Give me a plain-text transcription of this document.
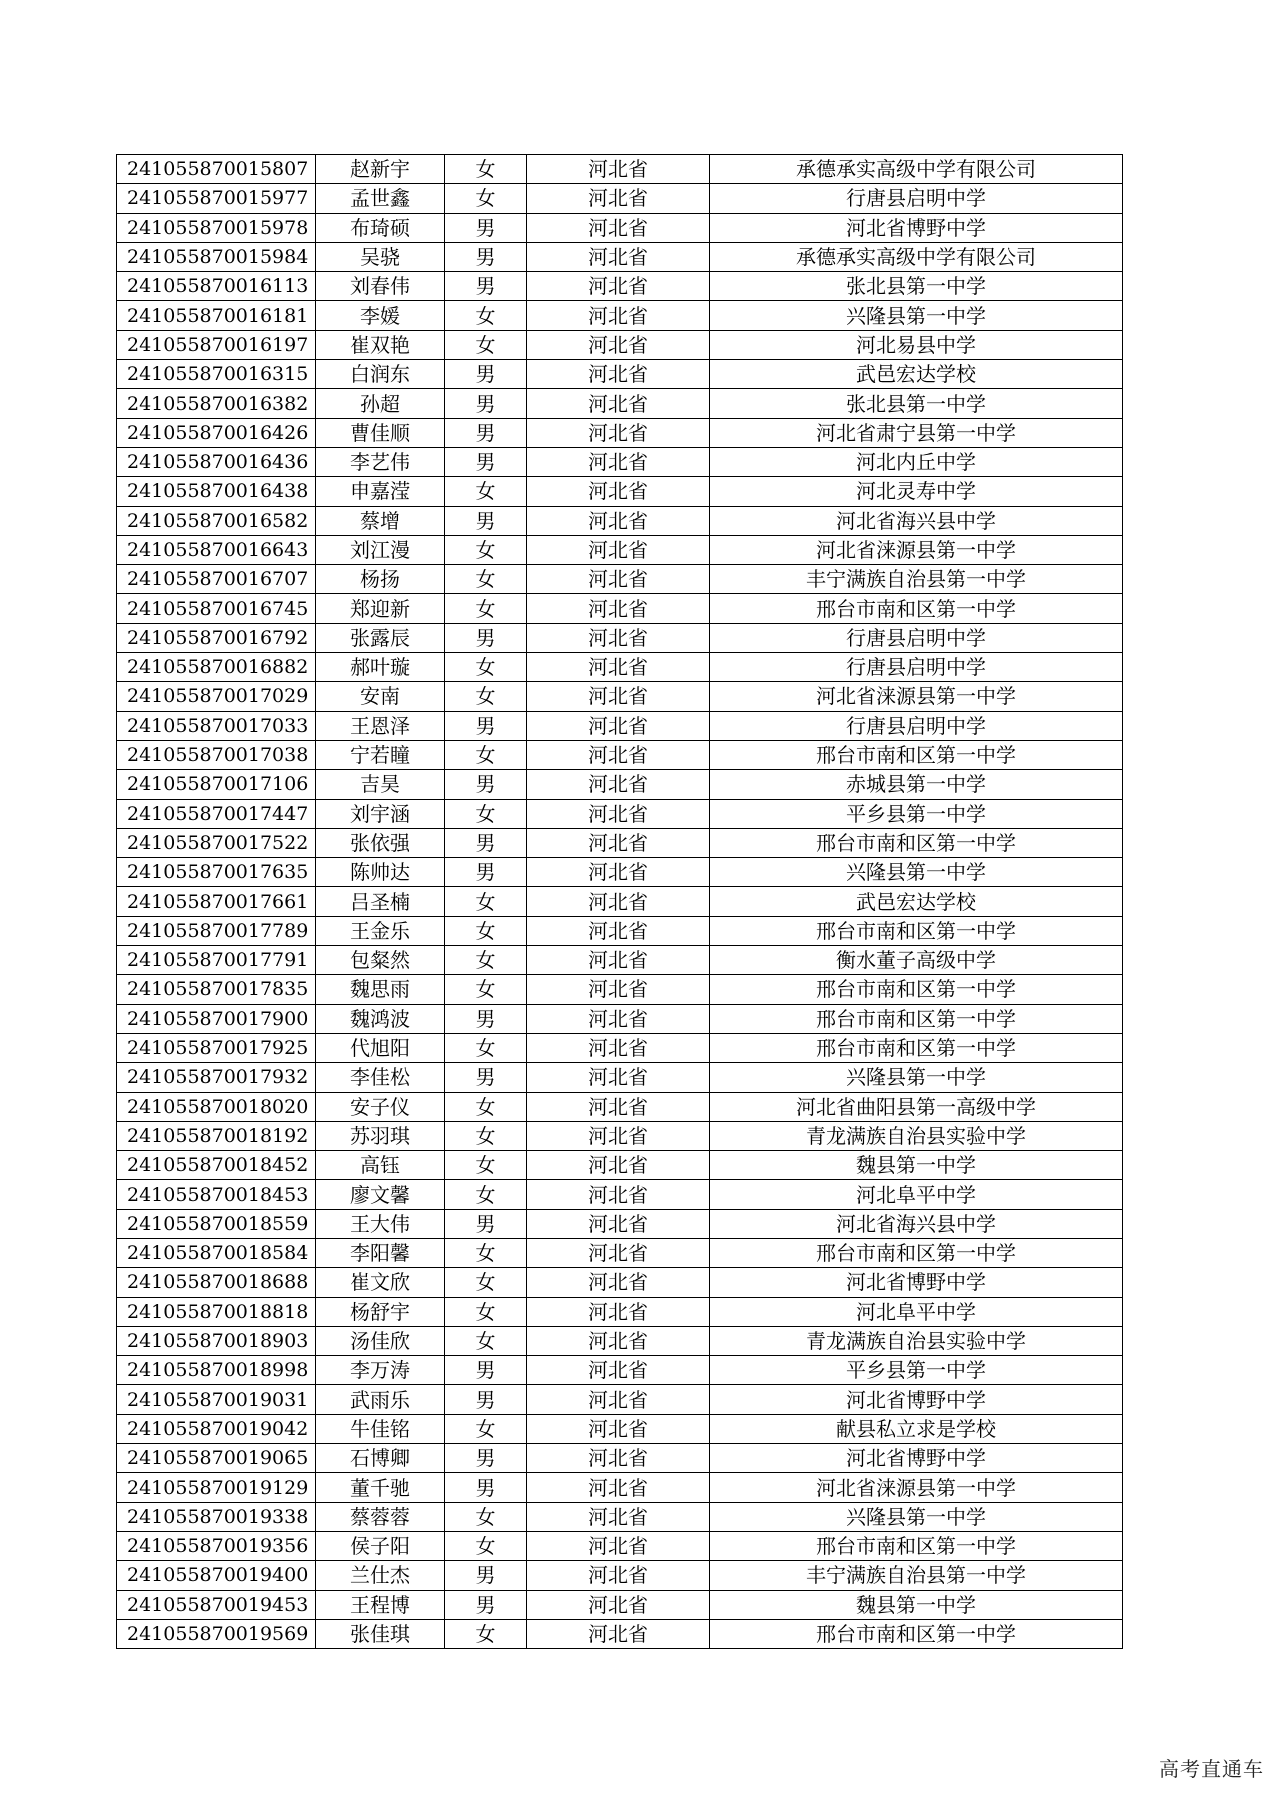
241055870015807	赵新宇	女	河北省	承德承实高级中学有限公司
241055870015977	孟世鑫	女	河北省	行唐县启明中学
241055870015978	布琦硕	男	河北省	河北省博野中学
241055870015984	吴骁	男	河北省	承德承实高级中学有限公司
241055870016113	刘春伟	男	河北省	张北县第一中学
241055870016181	李媛	女	河北省	兴隆县第一中学
241055870016197	崔双艳	女	河北省	河北易县中学
241055870016315	白润东	男	河北省	武邑宏达学校
241055870016382	孙超	男	河北省	张北县第一中学
241055870016426	曹佳顺	男	河北省	河北省肃宁县第一中学
241055870016436	李艺伟	男	河北省	河北内丘中学
241055870016438	申嘉滢	女	河北省	河北灵寿中学
241055870016582	蔡增	男	河北省	河北省海兴县中学
241055870016643	刘江漫	女	河北省	河北省涞源县第一中学
241055870016707	杨扬	女	河北省	丰宁满族自治县第一中学
241055870016745	郑迎新	女	河北省	邢台市南和区第一中学
241055870016792	张露辰	男	河北省	行唐县启明中学
241055870016882	郝叶璇	女	河北省	行唐县启明中学
241055870017029	安南	女	河北省	河北省涞源县第一中学
241055870017033	王恩泽	男	河北省	行唐县启明中学
241055870017038	宁若瞳	女	河北省	邢台市南和区第一中学
241055870017106	吉昊	男	河北省	赤城县第一中学
241055870017447	刘宇涵	女	河北省	平乡县第一中学
241055870017522	张依强	男	河北省	邢台市南和区第一中学
241055870017635	陈帅达	男	河北省	兴隆县第一中学
241055870017661	吕圣楠	女	河北省	武邑宏达学校
241055870017789	王金乐	女	河北省	邢台市南和区第一中学
241055870017791	包粲然	女	河北省	衡水董子高级中学
241055870017835	魏思雨	女	河北省	邢台市南和区第一中学
241055870017900	魏鸿波	男	河北省	邢台市南和区第一中学
241055870017925	代旭阳	女	河北省	邢台市南和区第一中学
241055870017932	李佳松	男	河北省	兴隆县第一中学
241055870018020	安子仪	女	河北省	河北省曲阳县第一高级中学
241055870018192	苏羽琪	女	河北省	青龙满族自治县实验中学
241055870018452	高钰	女	河北省	魏县第一中学
241055870018453	廖文馨	女	河北省	河北阜平中学
241055870018559	王大伟	男	河北省	河北省海兴县中学
241055870018584	李阳馨	女	河北省	邢台市南和区第一中学
241055870018688	崔文欣	女	河北省	河北省博野中学
241055870018818	杨舒宇	女	河北省	河北阜平中学
241055870018903	汤佳欣	女	河北省	青龙满族自治县实验中学
241055870018998	李万涛	男	河北省	平乡县第一中学
241055870019031	武雨乐	男	河北省	河北省博野中学
241055870019042	牛佳铭	女	河北省	献县私立求是学校
241055870019065	石博卿	男	河北省	河北省博野中学
241055870019129	董千驰	男	河北省	河北省涞源县第一中学
241055870019338	蔡蓉蓉	女	河北省	兴隆县第一中学
241055870019356	侯子阳	女	河北省	邢台市南和区第一中学
241055870019400	兰仕杰	男	河北省	丰宁满族自治县第一中学
241055870019453	王程博	男	河北省	魏县第一中学
241055870019569	张佳琪	女	河北省	邢台市南和区第一中学
高考直通车
